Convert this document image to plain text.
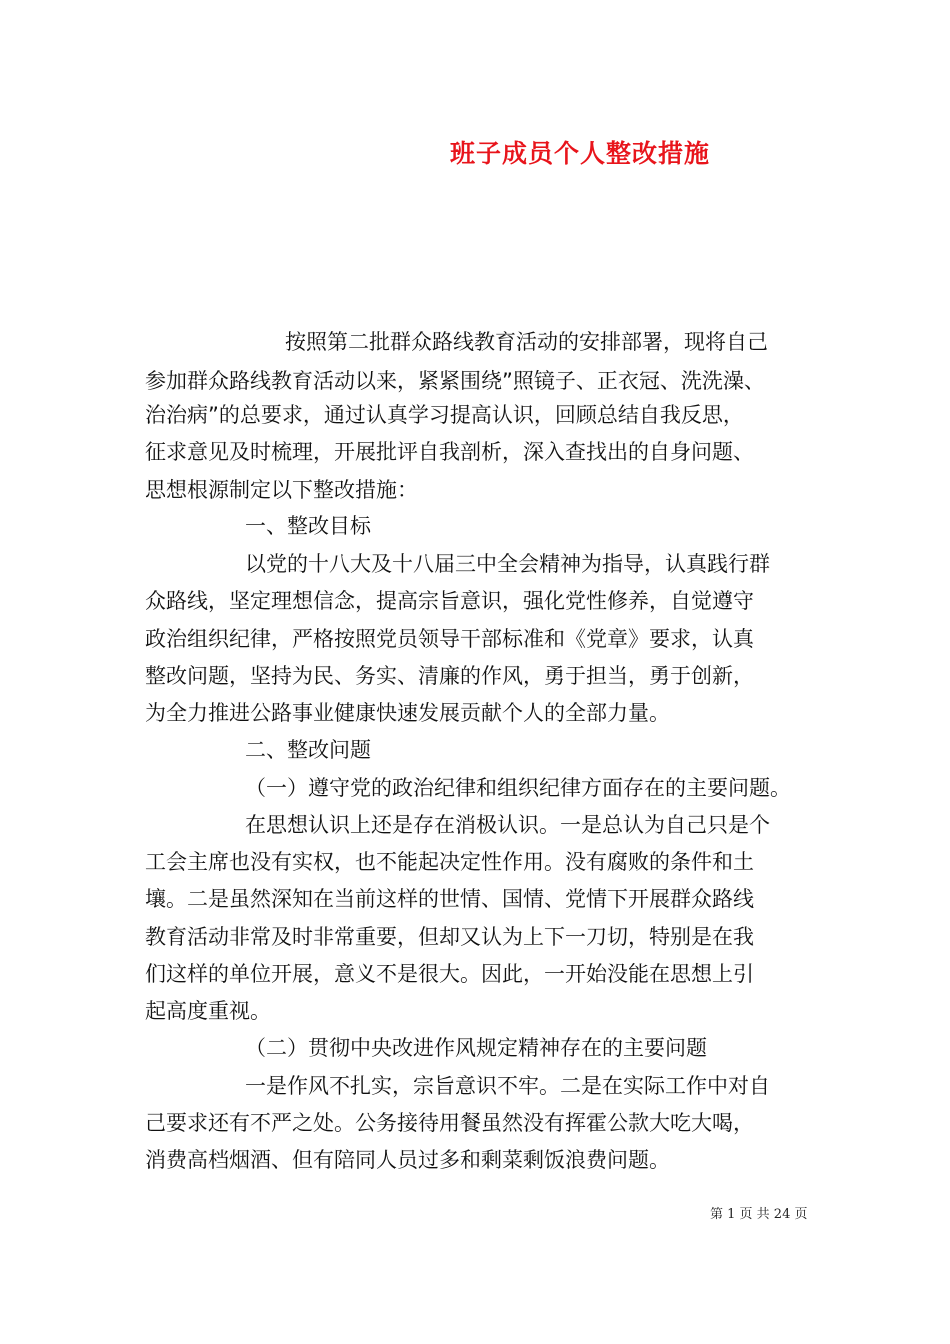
班子成员个人整改措施
按照第二批群众路线教育活动的安排部署，现将自己
参加群众路线教育活动以来，紧紧围绕”照镜子、正衣冠、洗洗澡、
治治病”的总要求，通过认真学习提高认识，回顾总结自我反思，
征求意见及时梳理，开展批评自我剖析，深入查找出的自身问题、
思想根源制定以下整改措施：
一、整改目标
以党的十八大及十八届三中全会精神为指导，认真践行群
众路线，坚定理想信念，提高宗旨意识，强化党性修养，自觉遵守
政治组织纪律，严格按照党员领导干部标准和《党章》要求，认真
整改问题，坚持为民、务实、清廉的作风，勇于担当，勇于创新，
为全力推进公路事业健康快速发展贡献个人的全部力量。
二、整改问题
（一）遵守党的政治纪律和组织纪律方面存在的主要问题。
在思想认识上还是存在消极认识。一是总认为自己只是个
工会主席也没有实权，也不能起决定性作用。没有腐败的条件和土
壤。二是虽然深知在当前这样的世情、国情、党情下开展群众路线
教育活动非常及时非常重要，但却又认为上下一刀切，特别是在我
们这样的单位开展，意义不是很大。因此，一开始没能在思想上引
起高度重视。
（二）贯彻中央改进作风规定精神存在的主要问题
一是作风不扎实，宗旨意识不牢。二是在实际工作中对自
己要求还有不严之处。公务接待用餐虽然没有挥霍公款大吃大喝，
消费高档烟酒、但有陪同人员过多和剩菜剩饭浪费问题。
第 1 页 共 24 页
